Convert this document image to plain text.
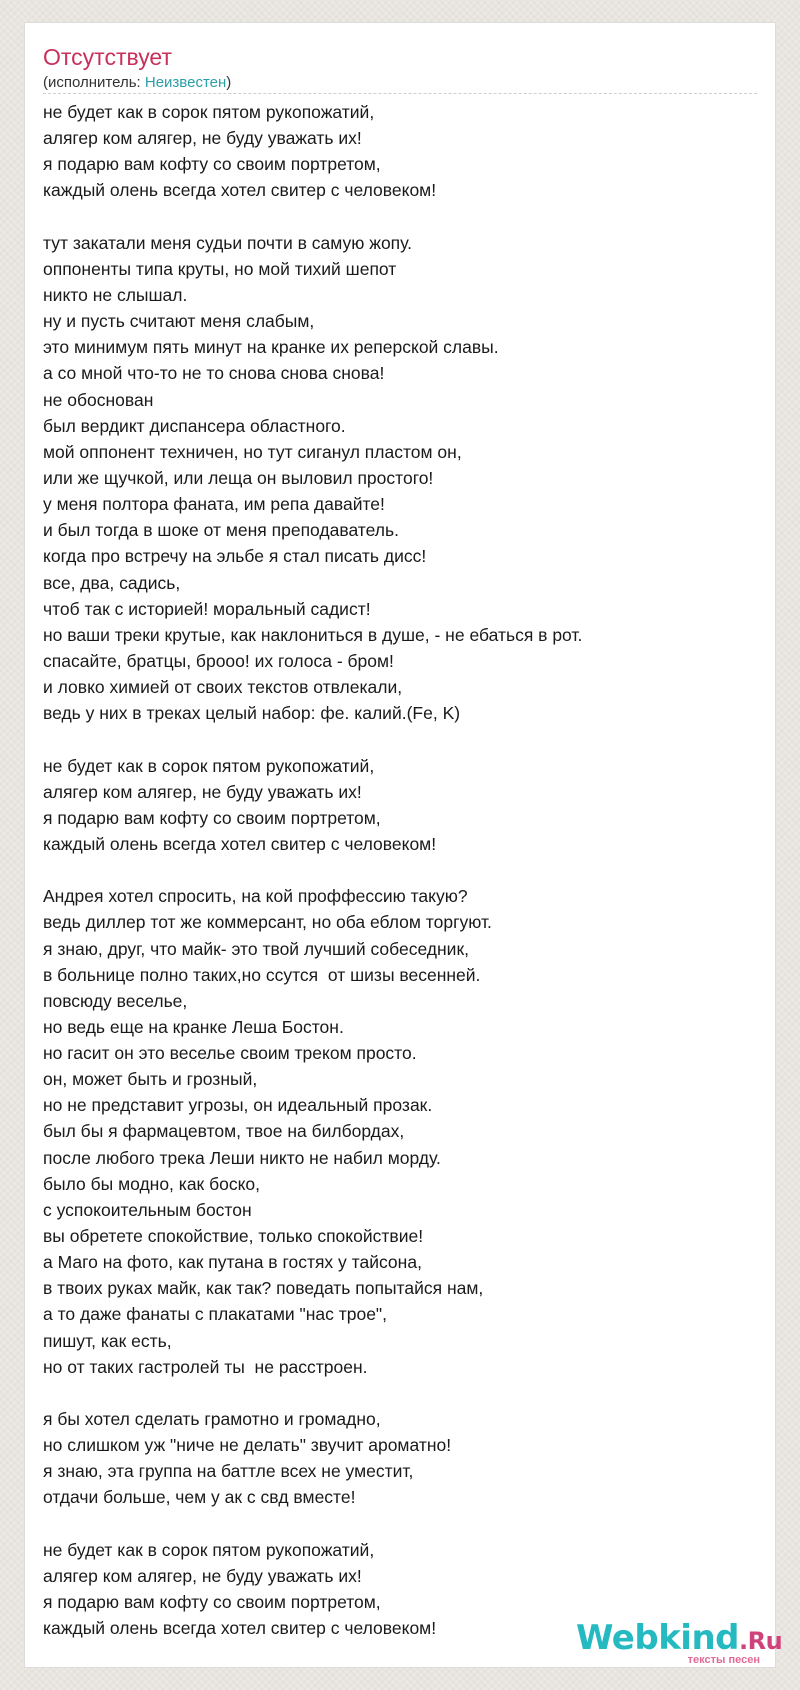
Отсутствует
(исполнитель: Неизвестен)
не будет как в сорок пятом рукопожатий,
алягер ком алягер, не буду уважать их!
я подарю вам кофту со своим портретом,
каждый олень всегда хотел свитер с человеком!
тут закатали меня судьи почти в самую жопу.
оппоненты типа круты, но мой тихий шепот
никто не слышал.
ну и пусть считают меня слабым,
это минимум пять минут на кранке их реперской славы.
а со мной что-то не то снова снова снова!
не обоснован
был вердикт диспансера областного.
мой оппонент техничен, но тут сиганул пластом он,
или же щучкой, или леща он выловил простого!
у меня полтора фаната, им репа давайте!
и был тогда в шоке от меня преподаватель.
когда про встречу на эльбе я стал писать дисс!
все, два, садись,
чтоб так с историей! моральный садист!
но ваши треки крутые, как наклониться в душе, - не ебаться в рот.
спасайте, братцы, броoo! их голоса - бром!
и ловко химией от своих текстов отвлекали,
ведь у них в треках целый набор: фе. калий.(Fe, K)
не будет как в сорок пятом рукопожатий,
алягер ком алягер, не буду уважать их!
я подарю вам кофту со своим портретом,
каждый олень всегда хотел свитер с человеком!
Андрея хотел спросить, на кой проффессию такую?
ведь диллер тот же коммерсант, но оба еблом торгуют.
я знаю, друг, что майк- это твой лучший собеседник,
в больнице полно таких,но ссутся  от шизы весенней.
повсюду веселье,
но ведь еще на кранке Леша Бостон.
но гасит он это веселье своим треком просто.
он, может быть и грозный,
но не представит угрозы, он идеальный прозак.
был бы я фармацевтом, твое на билбордах,
после любого трека Леши никто не набил морду.
было бы модно, как боско,
с успокоительным бостон
вы обретете спокойствие, только спокойствие!
а Маго на фото, как путана в гостях у тайсона,
в твоих руках майк, как так? поведать попытайся нам,
а то даже фанаты с плакатами "нас трое",
пишут, как есть,
но от таких гастролей ты  не расстроен.
я бы хотел сделать грамотно и громадно,
но слишком уж "ниче не делать" звучит ароматно!
я знаю, эта группа на баттле всех не уместит,
отдачи больше, чем у ак с свд вместе!
не будет как в сорок пятом рукопожатий,
алягер ком алягер, не буду уважать их!
я подарю вам кофту со своим портретом,
каждый олень всегда хотел свитер с человеком!	Webkind.Ru
тексты песен
